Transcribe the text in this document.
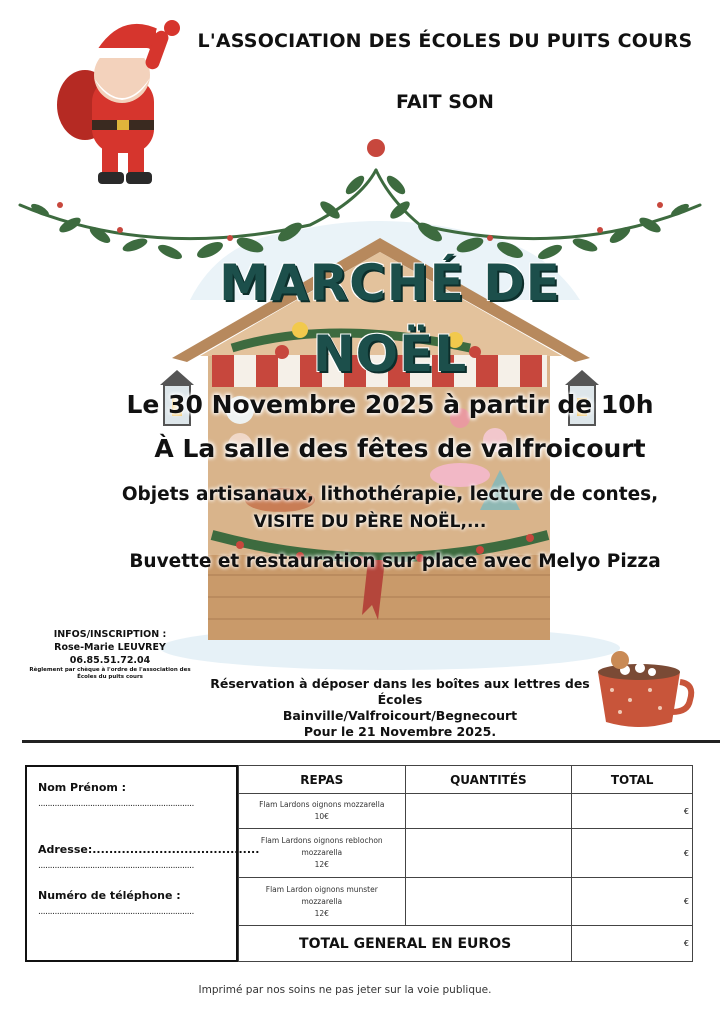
L'ASSOCIATION DES ÉCOLES DU PUITS COURS
FAIT SON
MARCHÉ DE
NOËL
Le 30 Novembre 2025 à partir de 10h
À La salle des fêtes de valfroicourt
Objets artisanaux, lithothérapie, lecture de contes,
VISITE DU PÈRE NOËL,...
Buvette et restauration sur place avec Melyo Pizza
INFOS/INSCRIPTION :
Rose-Marie LEUVREY
06.85.51.72.04
Règlement par chèque à l'ordre de l'association des Écoles du puits cours	Réservation à déposer dans les boîtes aux lettres des Écoles
Bainville/Valfroicourt/Begnecourt
Pour le 21 Novembre 2025.
Nom Prénom :
..................................................................
Adresse:........................................
..................................................................
Numéro de téléphone :
..................................................................
REPAS	QUANTITÉS	TOTAL

Flam Lardons oignons mozzarella
10€		€

Flam Lardons oignons reblochon
mozzarella
12€		€

Flam Lardon oignons munster
mozzarella
12€		€
TOTAL GENERAL EN EUROS		€
Imprimé par nos soins ne pas jeter sur la voie publique.
